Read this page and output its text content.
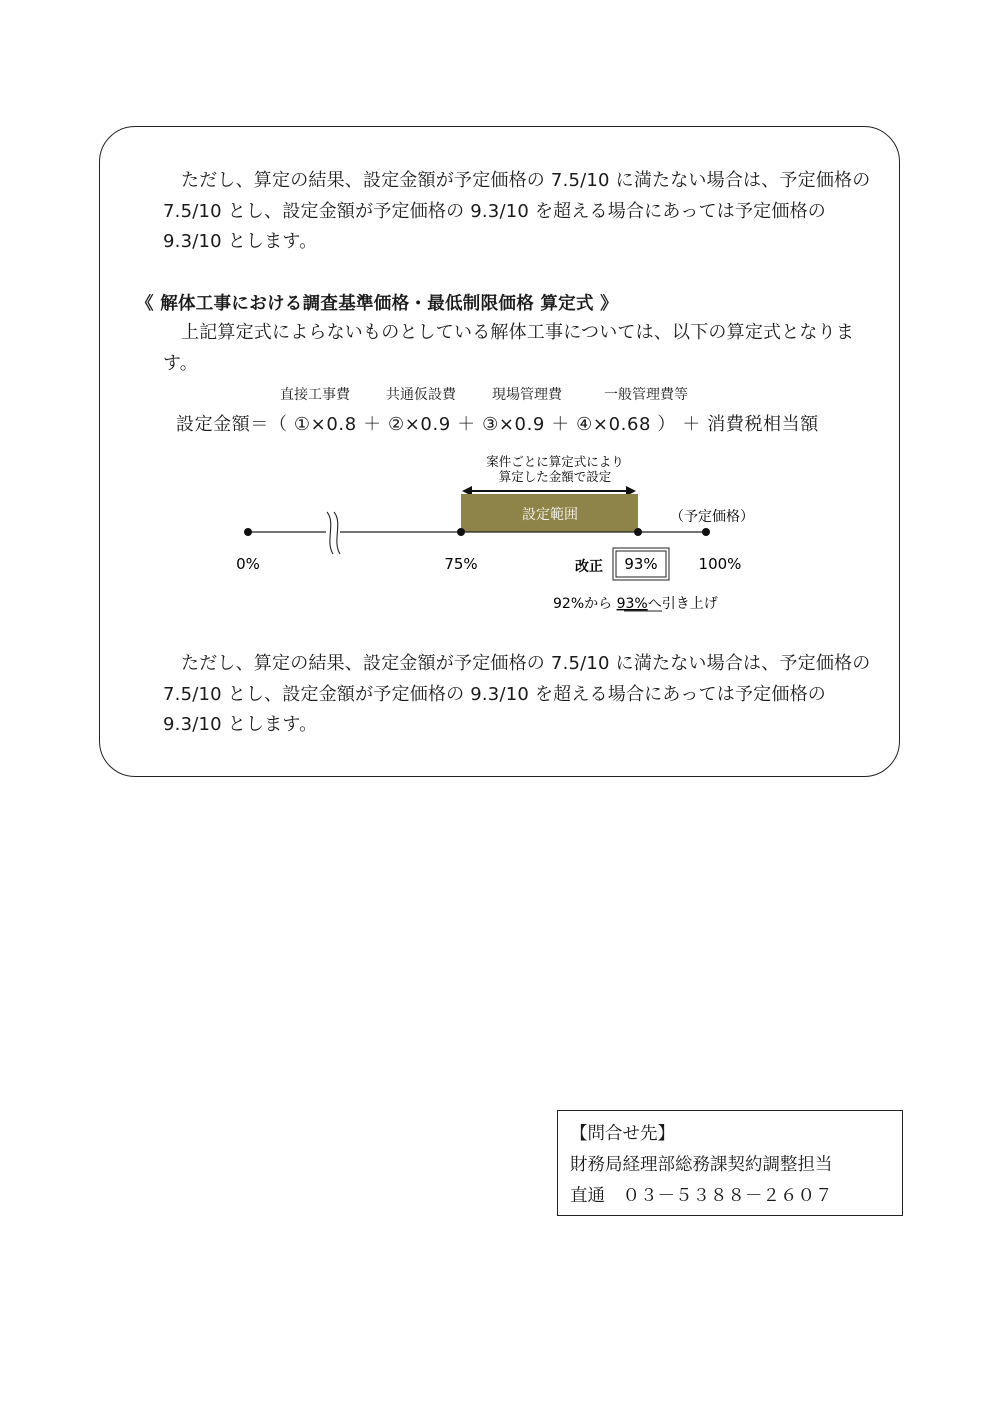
ただし、算定の結果、設定金額が予定価格の 7.5/10 に満たない場合は、予定価格の 7.5/10 とし、設定金額が予定価格の 9.3/10 を超える場合にあっては予定価格の 9.3/10 とします。

《 解体工事における調査基準価格・最低制限価格 算定式 》

上記算定式によらないものとしている解体工事については、以下の算定式となります。

直接工事費	共通仮設費	現場管理費	一般管理費等
設定金額＝（ ①×0.8 ＋ ②×0.9 ＋ ③×0.9 ＋ ④×0.68 ） ＋ 消費税相当額
案件ごとに算定式により
算定した金額で設定
設定範囲	（予定価格）
0%	75%	100%
改正 93%
92%から 93%へ引き上げ

ただし、算定の結果、設定金額が予定価格の 7.5/10 に満たない場合は、予定価格の 7.5/10 とし、設定金額が予定価格の 9.3/10 を超える場合にあっては予定価格の 9.3/10 とします。

【問合せ先】
財務局経理部総務課契約調整担当
直通　０３－５３８８－２６０７
